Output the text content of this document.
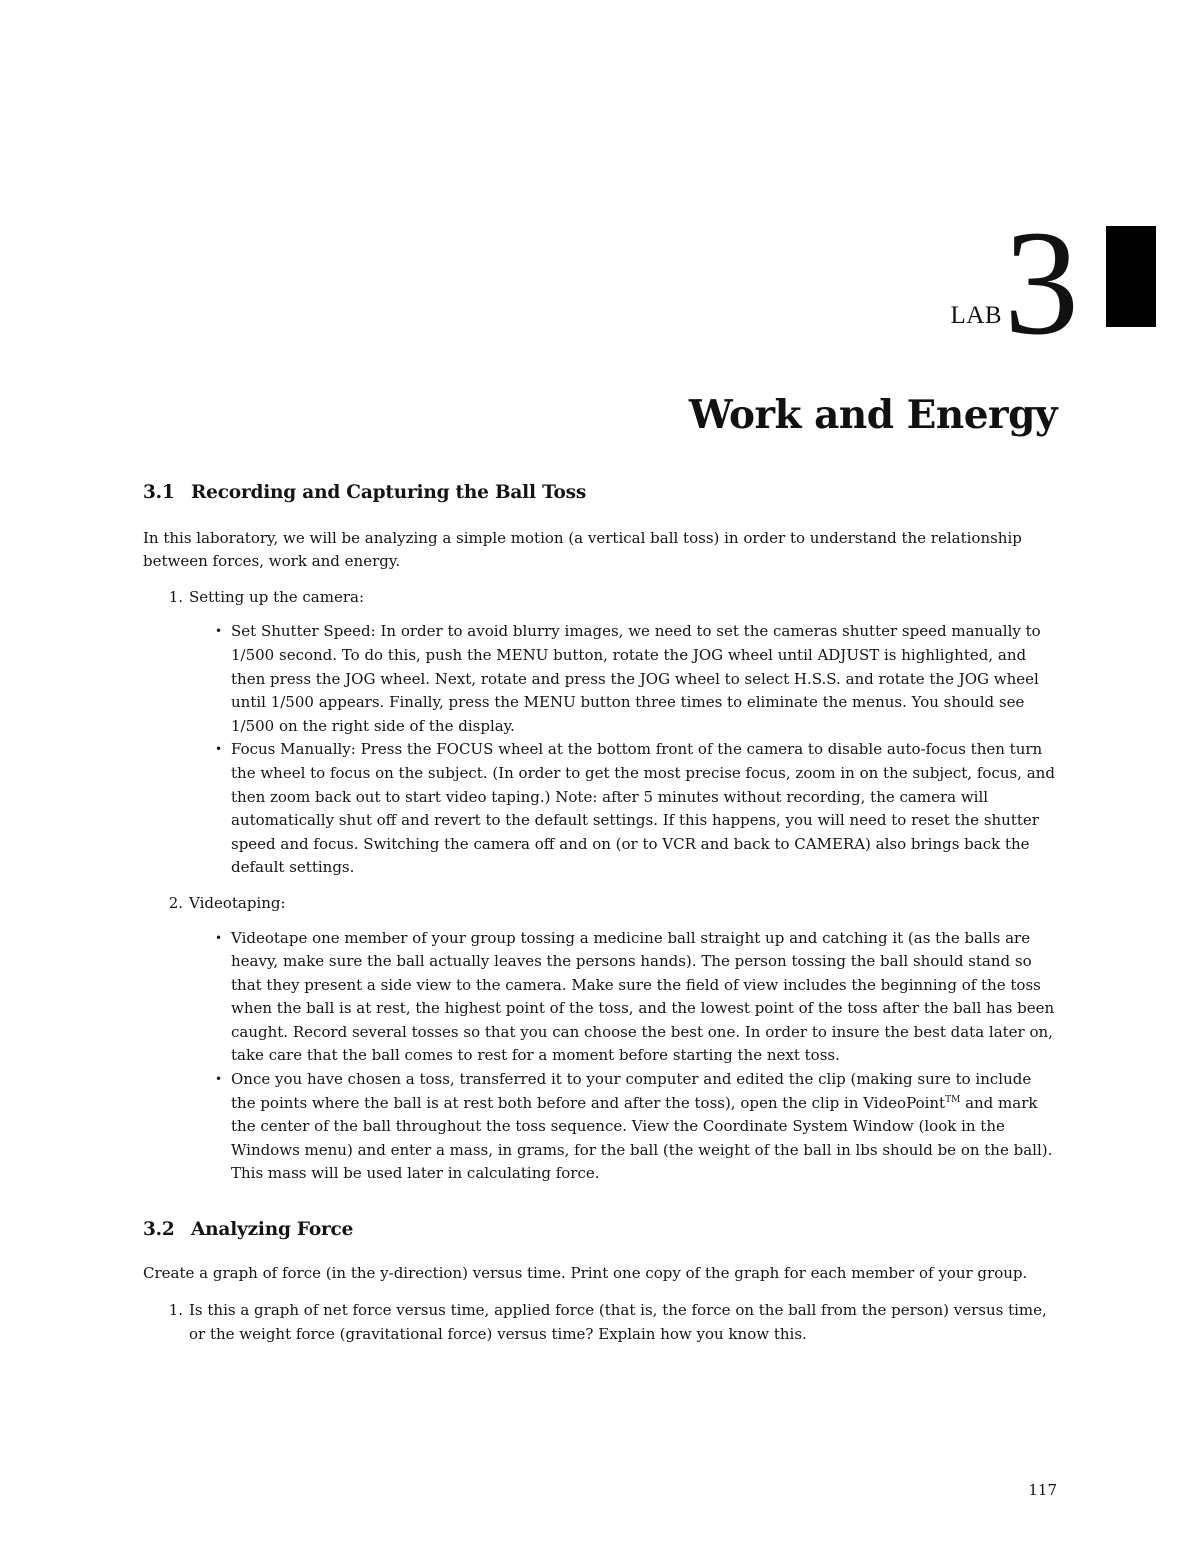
LAB 3
Work and Energy
3.1 Recording and Capturing the Ball Toss

In this laboratory, we will be analyzing a simple motion (a vertical ball toss) in order to understand the relationship between forces, work and energy.

1. Setting up the camera:
• Set Shutter Speed: In order to avoid blurry images, we need to set the cameras shutter speed manually to 1/500 second. To do this, push the MENU button, rotate the JOG wheel until ADJUST is highlighted, and then press the JOG wheel. Next, rotate and press the JOG wheel to select H.S.S. and rotate the JOG wheel until 1/500 appears. Finally, press the MENU button three times to eliminate the menus. You should see 1/500 on the right side of the display.
• Focus Manually: Press the FOCUS wheel at the bottom front of the camera to disable auto-focus then turn the wheel to focus on the subject. (In order to get the most precise focus, zoom in on the subject, focus, and then zoom back out to start video taping.) Note: after 5 minutes without recording, the camera will automatically shut off and revert to the default settings. If this happens, you will need to reset the shutter speed and focus. Switching the camera off and on (or to VCR and back to CAMERA) also brings back the default settings.
2. Videotaping:
• Videotape one member of your group tossing a medicine ball straight up and catching it (as the balls are heavy, make sure the ball actually leaves the persons hands). The person tossing the ball should stand so that they present a side view to the camera. Make sure the field of view includes the beginning of the toss when the ball is at rest, the highest point of the toss, and the lowest point of the toss after the ball has been caught. Record several tosses so that you can choose the best one. In order to insure the best data later on, take care that the ball comes to rest for a moment before starting the next toss.
• Once you have chosen a toss, transferred it to your computer and edited the clip (making sure to include the points where the ball is at rest both before and after the toss), open the clip in VideoPoint™ and mark the center of the ball throughout the toss sequence. View the Coordinate System Window (look in the Windows menu) and enter a mass, in grams, for the ball (the weight of the ball in lbs should be on the ball). This mass will be used later in calculating force.
3.2 Analyzing Force

Create a graph of force (in the y-direction) versus time. Print one copy of the graph for each member of your group.

1. Is this a graph of net force versus time, applied force (that is, the force on the ball from the person) versus time, or the weight force (gravitational force) versus time? Explain how you know this.
117
